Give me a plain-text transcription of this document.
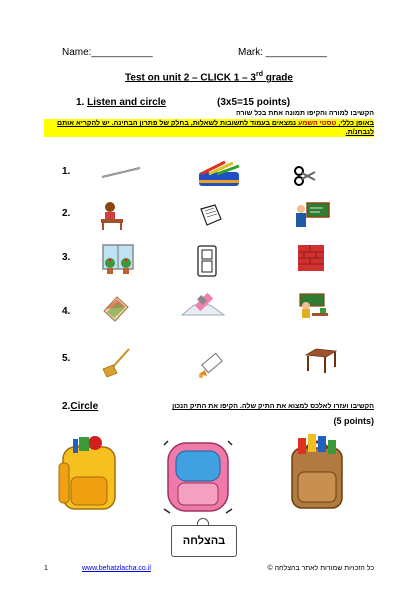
Name:___________	Mark: ___________
Test on unit 2 – CLICK 1 – 3rd grade
1. Listen and circle	(3x5=15 points)
הקשיבו למורה והקיפו תמונה אחת בכל שורה
באופן כללי, טסטי השמע נמצאים בעמוד לתשובות לשאלות, בחלק של פתרון הבחינה. יש להקריא אותם לנבחנ/ת.
1.
2.
3.
4.
5.
2.Circle	הקשיבו ועזרו לאלכס למצוא את התיק שלה. הקיפו את התיק הנכון
(5 points)
בהצלחה
1	www.behatzlacha.co.il	כל הזכויות שמורות לאתר בהצלחה ©
